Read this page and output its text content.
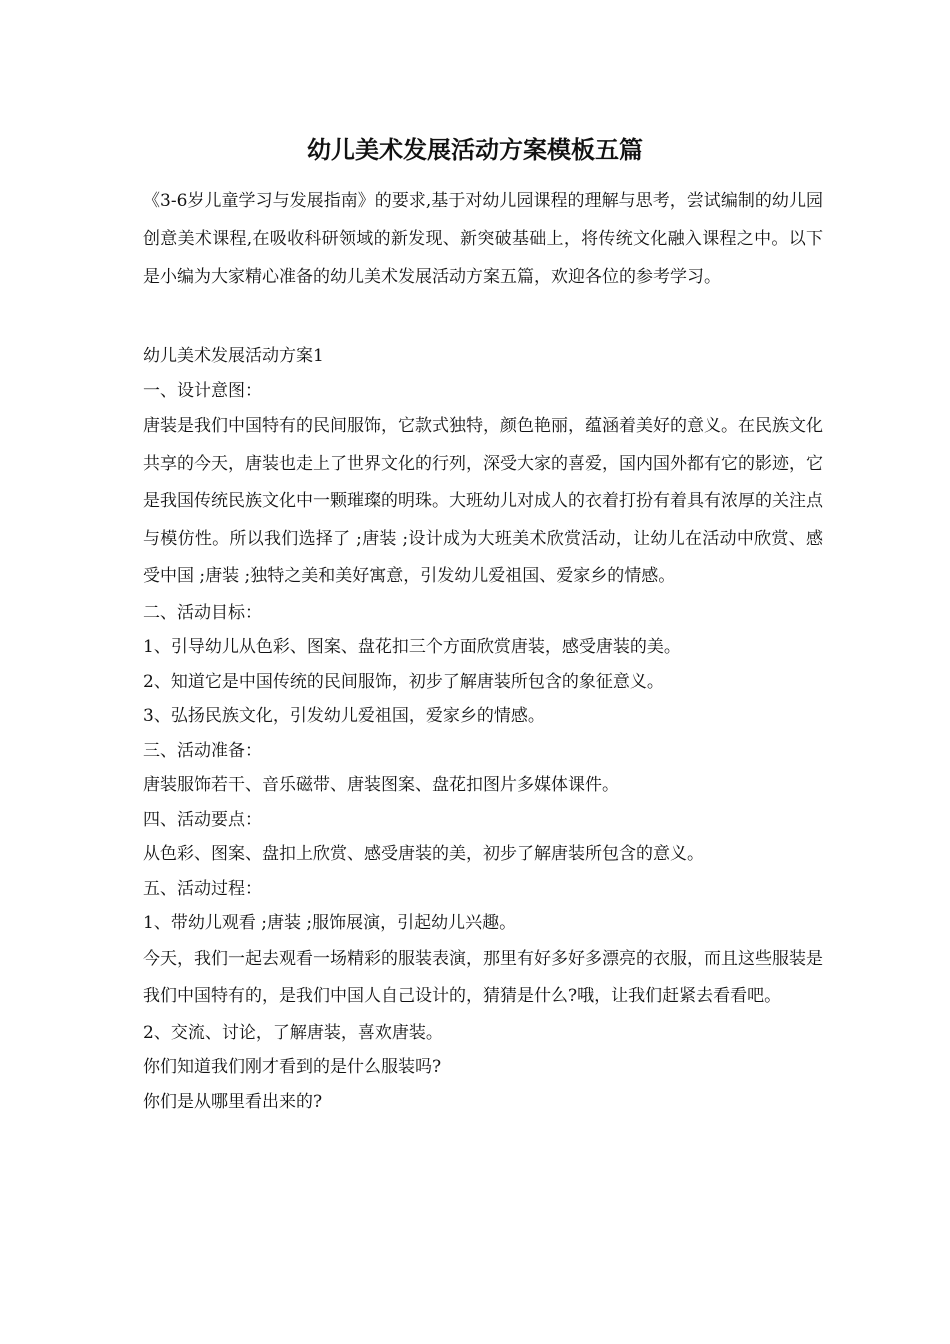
幼儿美术发展活动方案模板五篇

《3-6岁儿童学习与发展指南》的要求,基于对幼儿园课程的理解与思考，尝试编制的幼儿园创意美术课程,在吸收科研领域的新发现、新突破基础上，将传统文化融入课程之中。以下是小编为大家精心准备的幼儿美术发展活动方案五篇，欢迎各位的参考学习。

幼儿美术发展活动方案1

一、设计意图：

唐装是我们中国特有的民间服饰，它款式独特，颜色艳丽，蕴涵着美好的意义。在民族文化共享的今天，唐装也走上了世界文化的行列，深受大家的喜爱，国内国外都有它的影迹，它是我国传统民族文化中一颗璀璨的明珠。大班幼儿对成人的衣着打扮有着具有浓厚的关注点与模仿性。所以我们选择了 ;唐装 ;设计成为大班美术欣赏活动，让幼儿在活动中欣赏、感受中国 ;唐装 ;独特之美和美好寓意，引发幼儿爱祖国、爱家乡的情感。

二、活动目标：

1、引导幼儿从色彩、图案、盘花扣三个方面欣赏唐装，感受唐装的美。

2、知道它是中国传统的民间服饰，初步了解唐装所包含的象征意义。

3、弘扬民族文化，引发幼儿爱祖国，爱家乡的情感。

三、活动准备：

唐装服饰若干、音乐磁带、唐装图案、盘花扣图片多媒体课件。

四、活动要点：

从色彩、图案、盘扣上欣赏、感受唐装的美，初步了解唐装所包含的意义。

五、活动过程：

1、带幼儿观看 ;唐装 ;服饰展演，引起幼儿兴趣。

今天，我们一起去观看一场精彩的服装表演，那里有好多好多漂亮的衣服，而且这些服装是我们中国特有的，是我们中国人自己设计的，猜猜是什么?哦，让我们赶紧去看看吧。

2、交流、讨论，了解唐装，喜欢唐装。

你们知道我们刚才看到的是什么服装吗?

你们是从哪里看出来的?
